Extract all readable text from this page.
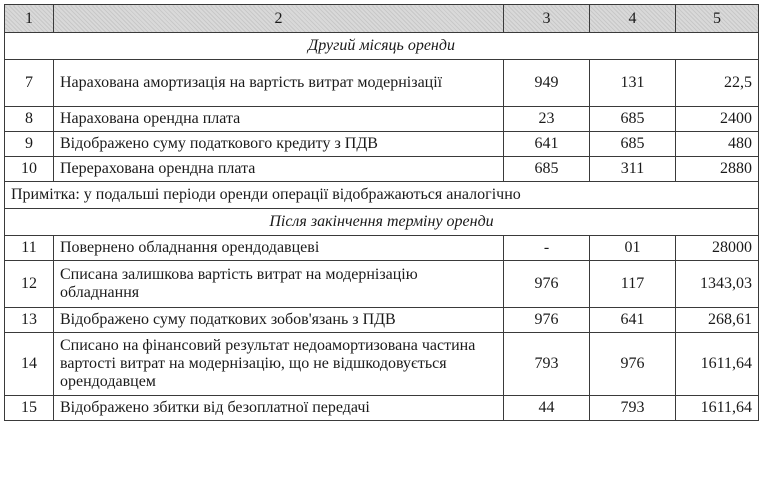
1	2	3	4	5
Другий місяць оренди				
7	Нарахована амортизація на вартість витрат модернізації	949	131	22,5
8	Нарахована орендна плата	23	685	2400
9	Відображено суму податкового кредиту з ПДВ	641	685	480
10	Перерахована орендна плата	685	311	2880
Примітка: у подальші періоди оренди операції відображаються аналогічно				
Після закінчення терміну оренди				
11	Повернено обладнання орендодавцеві	-	01	28000
12	Списана залишкова вартість витрат на модернізацію обладнання	976	117	1343,03
13	Відображено суму податкових зобов'язань з ПДВ	976	641	268,61
14	Списано на фінансовий результат недоамортизована частина вартості витрат на модернізацію, що не відшкодовується орендодавцем	793	976	1611,64
15	Відображено збитки від безоплатної передачі	44	793	1611,64
